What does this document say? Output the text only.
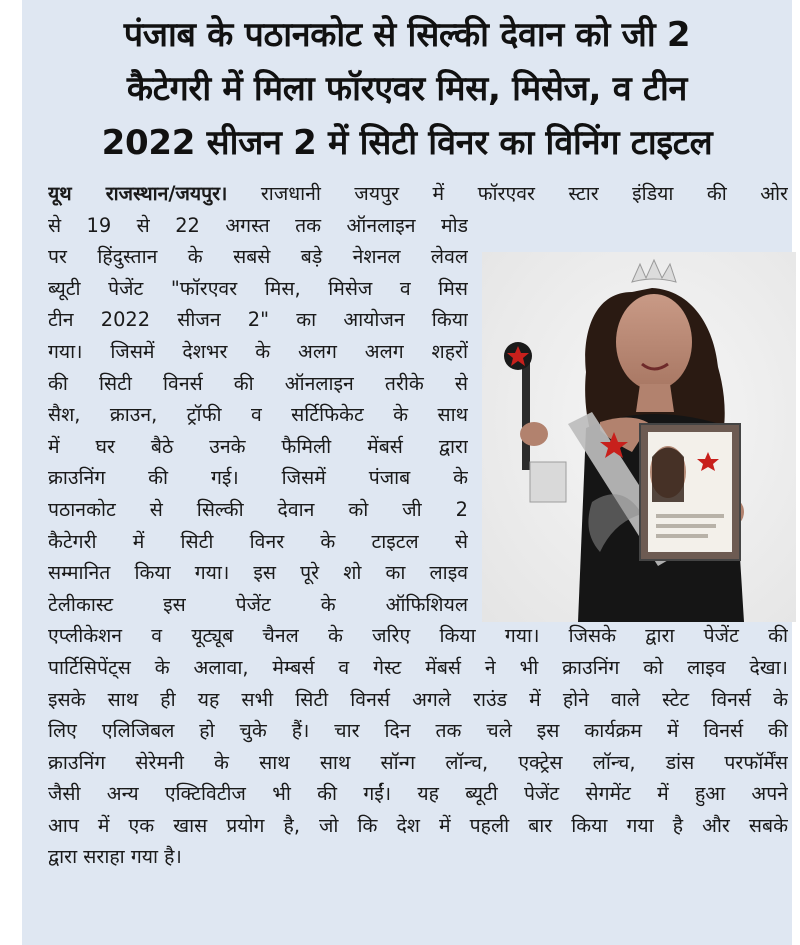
पंजाब के पठानकोट से सिल्की देवान को जी 2
कैटेगरी में मिला फॉरएवर मिस, मिसेज, व टीन
2022 सीजन 2 में सिटी विनर का विनिंग टाइटल
यूथ राजस्थान/जयपुर। राजधानी जयपुर में फॉरएवर स्टार इंडिया की ओर
से 19 से 22 अगस्त तक ऑनलाइन मोड
पर हिंदुस्तान के सबसे बड़े नेशनल लेवल
ब्यूटी पेजेंट "फॉरएवर मिस, मिसेज व मिस
टीन 2022 सीजन 2" का आयोजन किया
गया। जिसमें देशभर के अलग अलग शहरों
की सिटी विनर्स की ऑनलाइन तरीके से
सैश, क्राउन, ट्रॉफी व सर्टिफिकेट के साथ
में घर बैठे उनके फैमिली मेंबर्स द्वारा
क्राउनिंग की गई। जिसमें पंजाब के
पठानकोट से सिल्की देवान को जी 2
कैटेगरी में सिटी विनर के टाइटल से
सम्मानित किया गया। इस पूरे शो का लाइव
टेलीकास्ट इस पेजेंट के ऑफिशियल
एप्लीकेशन व यूट्यूब चैनल के जरिए किया गया। जिसके द्वारा पेजेंट की
पार्टिसिपेंट्स के अलावा, मेम्बर्स व गेस्ट मेंबर्स ने भी क्राउनिंग को लाइव देखा।
इसके साथ ही यह सभी सिटी विनर्स अगले राउंड में होने वाले स्टेट विनर्स के
लिए एलिजिबल हो चुके हैं। चार दिन तक चले इस कार्यक्रम में विनर्स की
क्राउनिंग सेरेमनी के साथ साथ सॉन्ग लॉन्च, एक्ट्रेस लॉन्च, डांस परफॉर्मेंस
जैसी अन्य एक्टिविटीज भी की गईं। यह ब्यूटी पेजेंट सेगमेंट में हुआ अपने
आप में एक खास प्रयोग है, जो कि देश में पहली बार किया गया है और सबके
द्वारा सराहा गया है।
